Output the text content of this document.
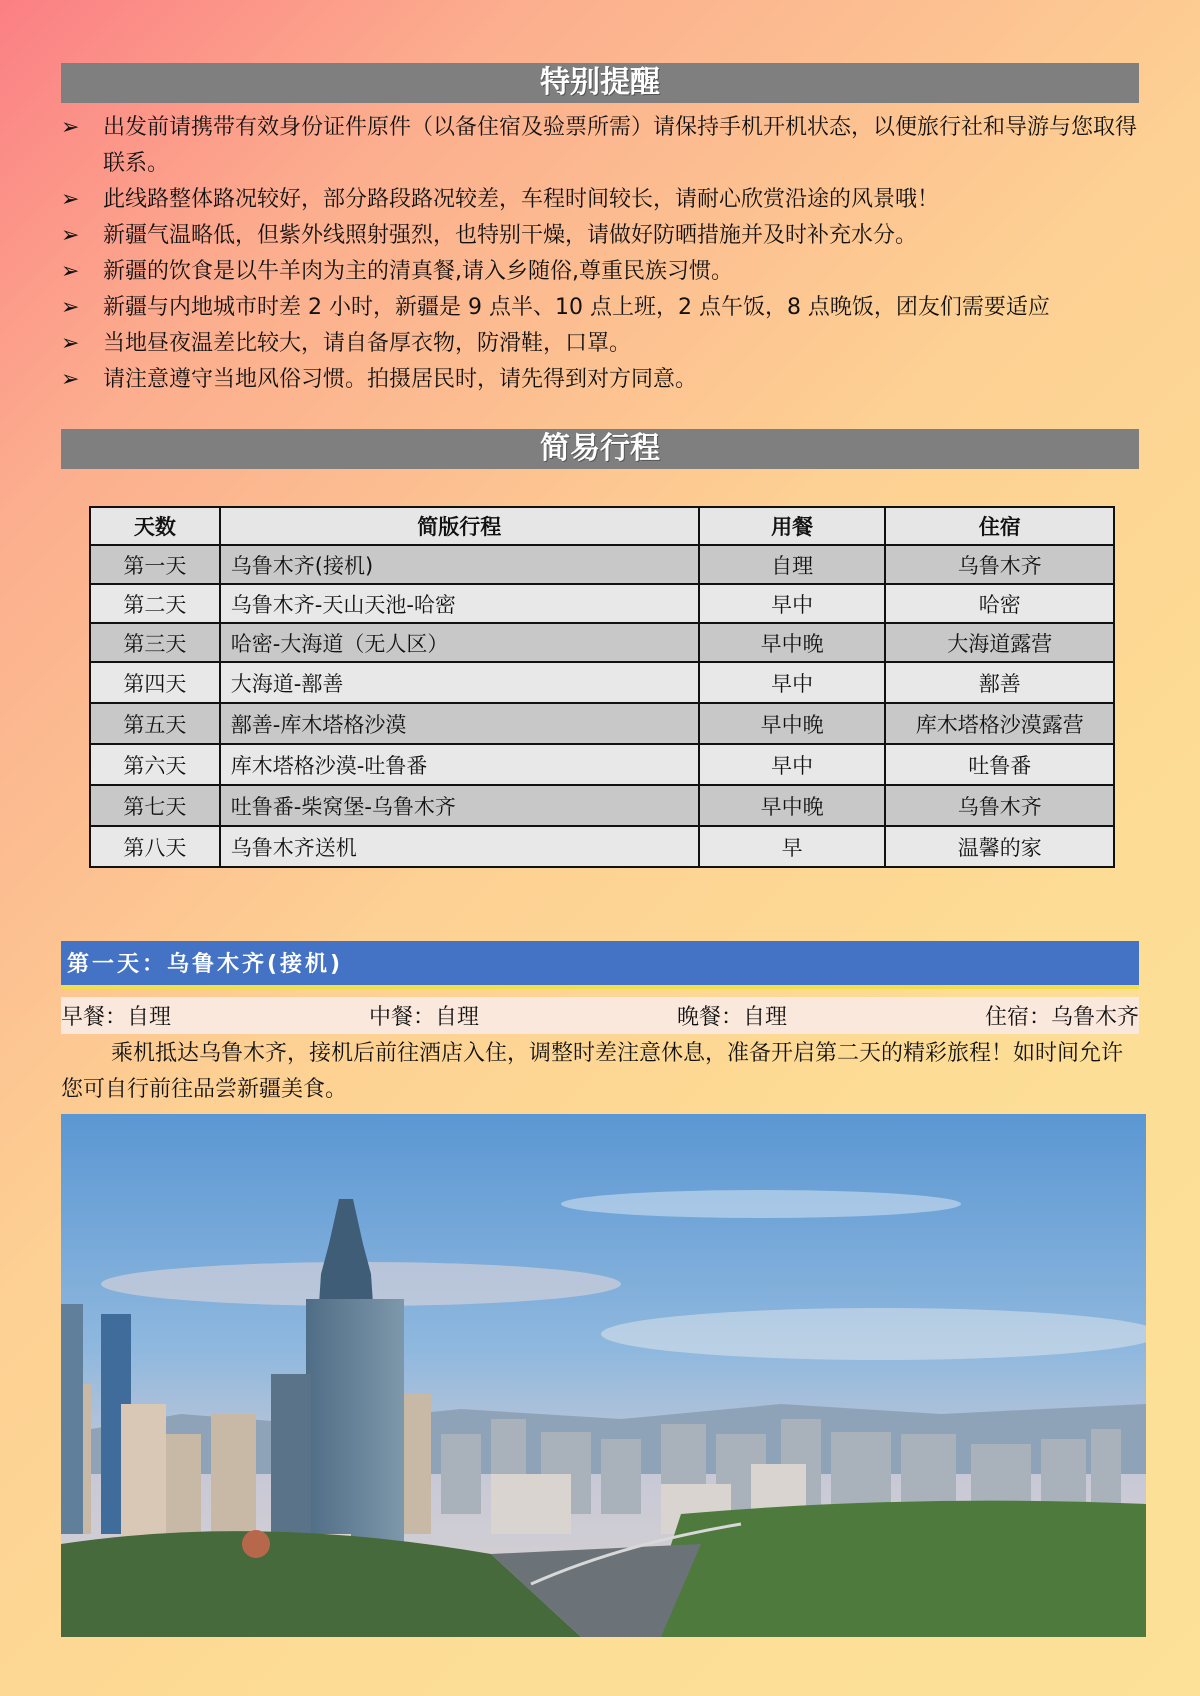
特别提醒
➢	出发前请携带有效身份证件原件（以备住宿及验票所需）请保持手机开机状态，以便旅行社和导游与您取得联系。
➢	此线路整体路况较好，部分路段路况较差，车程时间较长，请耐心欣赏沿途的风景哦！
➢	新疆气温略低，但紫外线照射强烈，也特别干燥，请做好防晒措施并及时补充水分。
➢	新疆的饮食是以牛羊肉为主的清真餐,请入乡随俗,尊重民族习惯。
➢	新疆与内地城市时差 2 小时，新疆是 9 点半、10 点上班，2 点午饭，8 点晚饭，团友们需要适应
➢	当地昼夜温差比较大，请自备厚衣物，防滑鞋，口罩。
➢	请注意遵守当地风俗习惯。拍摄居民时，请先得到对方同意。
简易行程
天数	简版行程	用餐	住宿
第一天	乌鲁木齐(接机)	自理	乌鲁木齐
第二天	乌鲁木齐-天山天池-哈密	早中	哈密
第三天	哈密-大海道（无人区）	早中晚	大海道露营
第四天	大海道-鄯善	早中	鄯善
第五天	鄯善-库木塔格沙漠	早中晚	库木塔格沙漠露营
第六天	库木塔格沙漠-吐鲁番	早中	吐鲁番
第七天	吐鲁番-柴窝堡-乌鲁木齐	早中晚	乌鲁木齐
第八天	乌鲁木齐送机	早	温馨的家
第一天：乌鲁木齐(接机)
早餐： 自理	中餐： 自理	晚餐： 自理	住宿： 乌鲁木齐

乘机抵达乌鲁木齐，接机后前往酒店入住，调整时差注意休息，准备开启第二天的精彩旅程！如时间允许您可自行前往品尝新疆美食。
